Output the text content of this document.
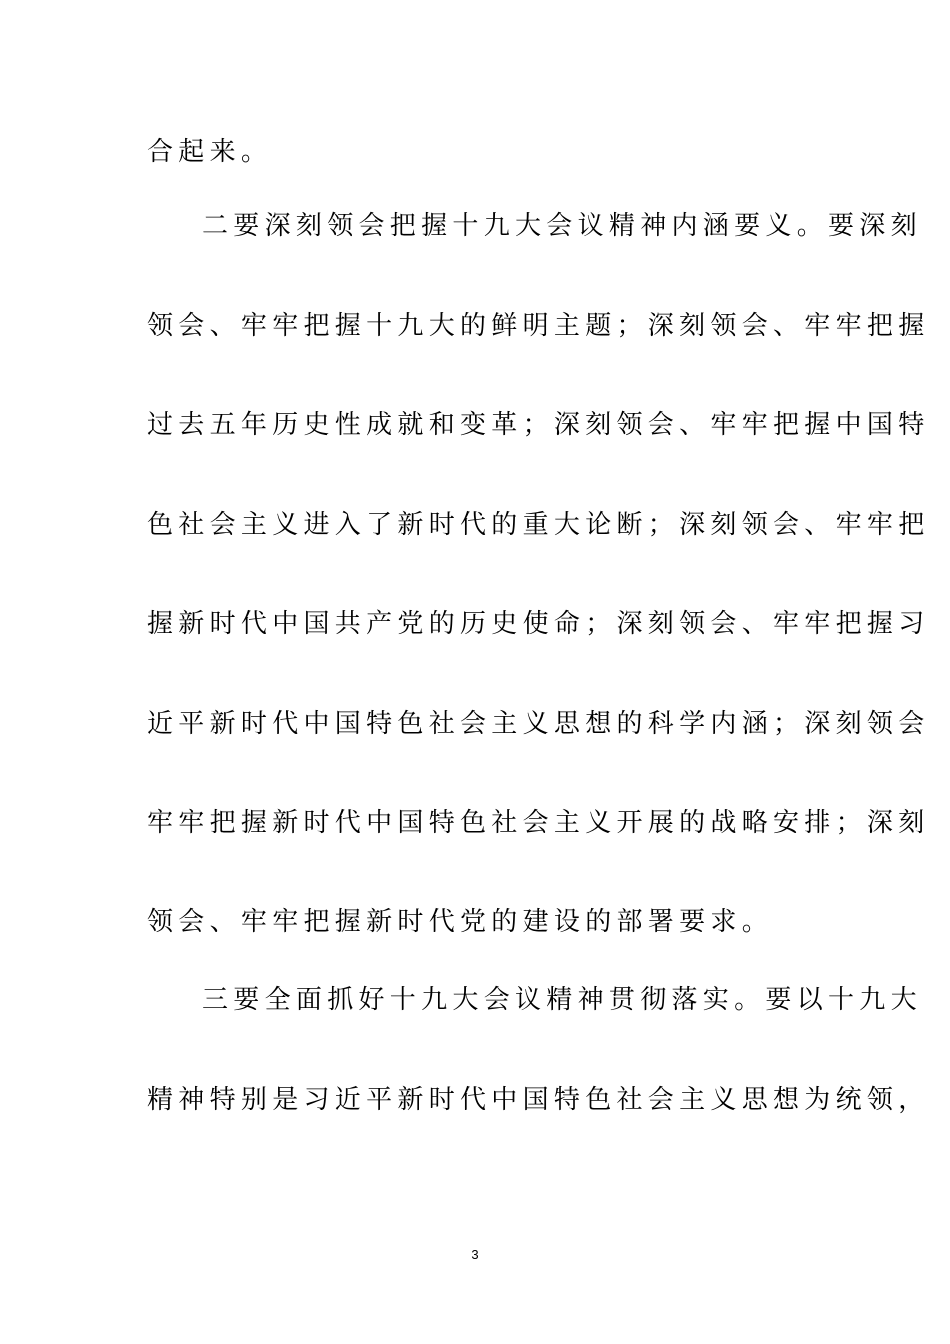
合起来。
二要深刻领会把握十九大会议精神内涵要义。要深刻
领会、牢牢把握十九大的鲜明主题；深刻领会、牢牢把握
过去五年历史性成就和变革；深刻领会、牢牢把握中国特
色社会主义进入了新时代的重大论断；深刻领会、牢牢把
握新时代中国共产党的历史使命；深刻领会、牢牢把握习
近平新时代中国特色社会主义思想的科学内涵；深刻领会
牢牢把握新时代中国特色社会主义开展的战略安排；深刻
领会、牢牢把握新时代党的建设的部署要求。
三要全面抓好十九大会议精神贯彻落实。要以十九大
精神特别是习近平新时代中国特色社会主义思想为统领，
3
